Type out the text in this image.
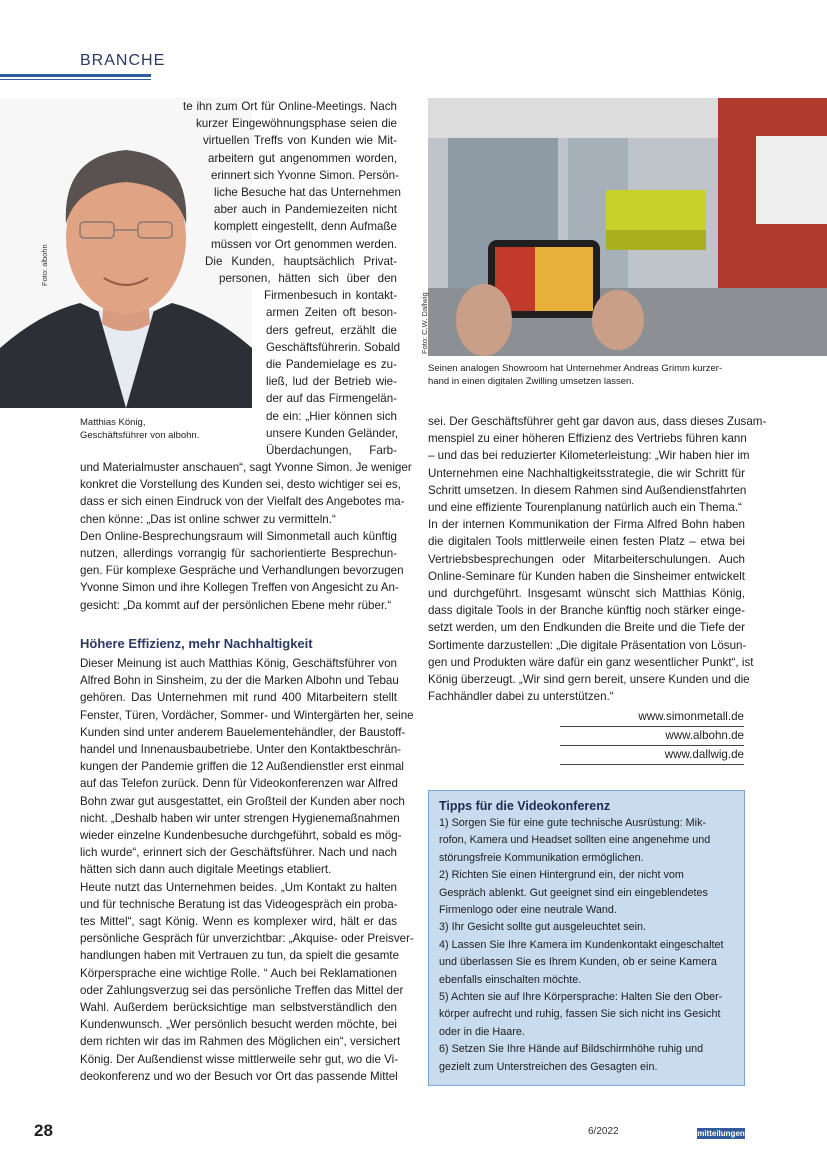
BRANCHE
Foto: albohn
Matthias König,
Geschäftsführer von albohn.
Foto: C.W. Dallwig
Seinen analogen Showroom hat Unternehmer Andreas Grimm kurzer-
hand in einen digitalen Zwilling umsetzen lassen.
te ihn zum Ort für Online-Meetings. Nach
kurzer Eingewöhnungsphase seien die
virtuellen Treffs von Kunden wie Mit-
arbeitern gut angenommen worden,
erinnert sich Yvonne Simon. Persön-
liche Besuche hat das Unternehmen
aber auch in Pandemiezeiten nicht
komplett eingestellt, denn Aufmaße
müssen vor Ort genommen werden.
Die Kunden, hauptsächlich Privat-
personen, hätten sich über den
Firmenbesuch in kontakt-
armen Zeiten oft beson-
ders gefreut, erzählt die
Geschäftsführerin. Sobald
die Pandemielage es zu-
ließ, lud der Betrieb wie-
der auf das Firmengelän-
de ein: „Hier können sich
unsere Kunden Geländer,
Überdachungen, Farb-

und Materialmuster anschauen“, sagt Yvonne Simon. Je weniger
konkret die Vorstellung des Kunden sei, desto wichtiger sei es,
dass er sich einen Eindruck von der Vielfalt des Angebotes ma-
chen könne: „Das ist online schwer zu vermitteln.“

Den Online-Besprechungsraum will Simonmetall auch künftig
nutzen, allerdings vorrangig für sachorientierte Besprechun-
gen. Für komplexe Gespräche und Verhandlungen bevorzugen
Yvonne Simon und ihre Kollegen Treffen von Angesicht zu An-
gesicht: „Da kommt auf der persönlichen Ebene mehr rüber.“

Höhere Effizienz, mehr Nachhaltigkeit

Dieser Meinung ist auch Matthias König, Geschäftsführer von
Alfred Bohn in Sinsheim, zu der die Marken Albohn und Tebau
gehören. Das Unternehmen mit rund 400 Mitarbeitern stellt
Fenster, Türen, Vordächer, Sommer- und Wintergärten her, seine
Kunden sind unter anderem Bauelementehändler, der Baustoff-
handel und Innenausbaubetriebe. Unter den Kontaktbeschrän-
kungen der Pandemie griffen die 12 Außendienstler erst einmal
auf das Telefon zurück. Denn für Videokonferenzen war Alfred
Bohn zwar gut ausgestattet, ein Großteil der Kunden aber noch
nicht. „Deshalb haben wir unter strengen Hygienemaßnahmen
wieder einzelne Kundenbesuche durchgeführt, sobald es mög-
lich wurde“, erinnert sich der Geschäftsführer. Nach und nach
hätten sich dann auch digitale Meetings etabliert.

Heute nutzt das Unternehmen beides. „Um Kontakt zu halten
und für technische Beratung ist das Videogespräch ein proba-
tes Mittel“, sagt König. Wenn es komplexer wird, hält er das
persönliche Gespräch für unverzichtbar: „Akquise- oder Preisver-
handlungen haben mit Vertrauen zu tun, da spielt die gesamte
Körpersprache eine wichtige Rolle. “ Auch bei Reklamationen
oder Zahlungsverzug sei das persönliche Treffen das Mittel der
Wahl. Außerdem berücksichtige man selbstverständlich den
Kundenwunsch. „Wer persönlich besucht werden möchte, bei
dem richten wir das im Rahmen des Möglichen ein“, versichert
König. Der Außendienst wisse mittlerweile sehr gut, wo die Vi-
deokonferenz und wo der Besuch vor Ort das passende Mittel

sei. Der Geschäftsführer geht gar davon aus, dass dieses Zusam-
menspiel zu einer höheren Effizienz des Vertriebs führen kann
– und das bei reduzierter Kilometerleistung: „Wir haben hier im
Unternehmen eine Nachhaltigkeitsstrategie, die wir Schritt für
Schritt umsetzen. In diesem Rahmen sind Außendienstfahrten
und eine effiziente Tourenplanung natürlich auch ein Thema.“

In der internen Kommunikation der Firma Alfred Bohn haben
die digitalen Tools mittlerweile einen festen Platz – etwa bei
Vertriebsbesprechungen oder Mitarbeiterschulungen. Auch
Online-Seminare für Kunden haben die Sinsheimer entwickelt
und durchgeführt. Insgesamt wünscht sich Matthias König,
dass digitale Tools in der Branche künftig noch stärker einge-
setzt werden, um den Endkunden die Breite und die Tiefe der
Sortimente darzustellen: „Die digitale Präsentation von Lösun-
gen und Produkten wäre dafür ein ganz wesentlicher Punkt“, ist
König überzeugt. „Wir sind gern bereit, unsere Kunden und die
Fachhändler dabei zu unterstützen.“

www.simonmetall.de
www.albohn.de
www.dallwig.de
Tipps für die Videokonferenz
1) Sorgen Sie für eine gute technische Ausrüstung: Mik-
rofon, Kamera und Headset sollten eine angenehme und
störungsfreie Kommunikation ermöglichen.
2) Richten Sie einen Hintergrund ein, der nicht vom
Gespräch ablenkt. Gut geeignet sind ein eingeblendetes
Firmenlogo oder eine neutrale Wand.
3) Ihr Gesicht sollte gut ausgeleuchtet sein.
4) Lassen Sie Ihre Kamera im Kundenkontakt eingeschaltet
und überlassen Sie es Ihrem Kunden, ob er seine Kamera
ebenfalls einschalten möchte.
5) Achten sie auf Ihre Körpersprache: Halten Sie den Ober-
körper aufrecht und ruhig, fassen Sie sich nicht ins Gesicht
oder in die Haare.
6) Setzen Sie Ihre Hände auf Bildschirmhöhe ruhig und
gezielt zum Unterstreichen des Gesagten ein.
28	6/2022	mitteilungen
